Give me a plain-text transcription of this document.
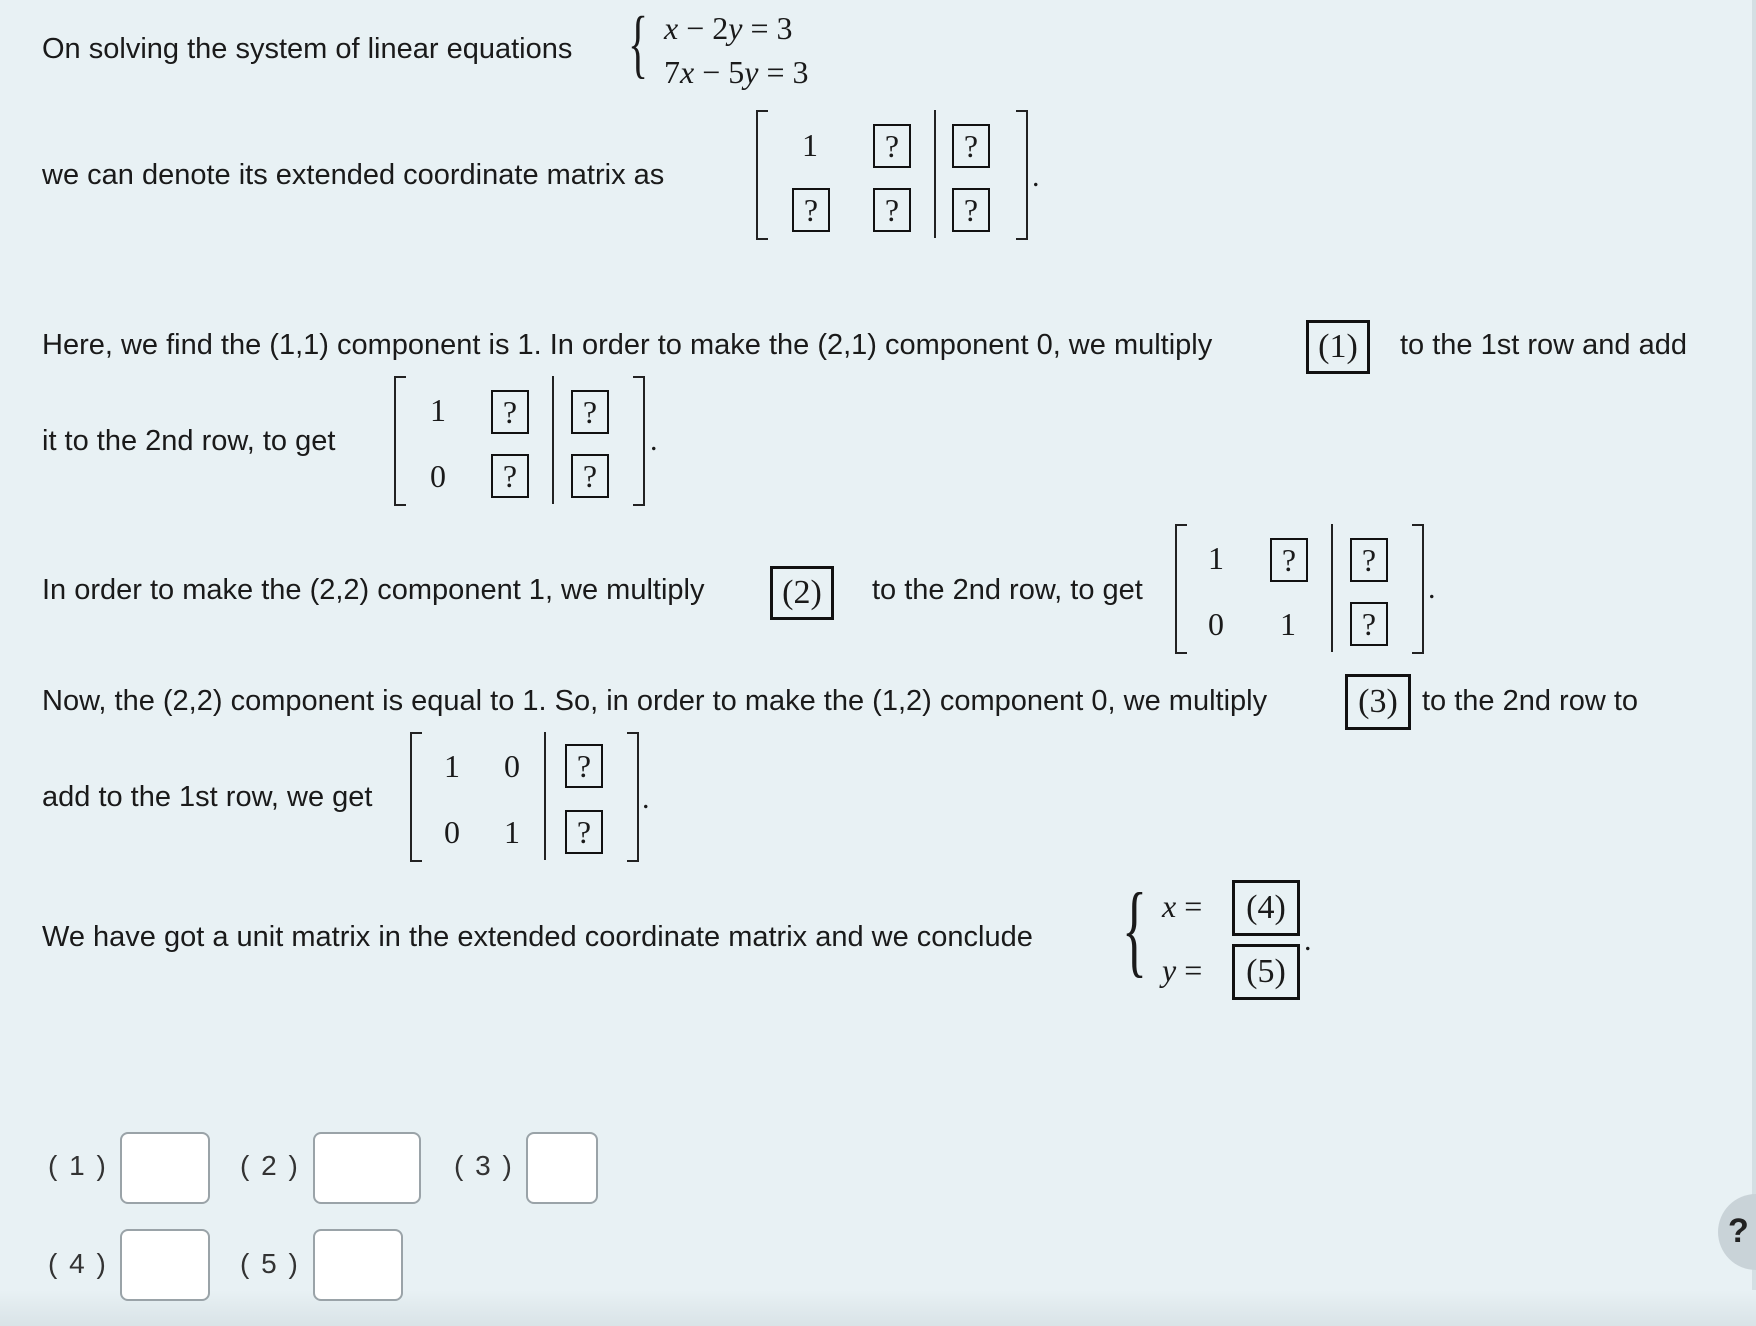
On solving the system of linear equations { x − 2y = 3
7x − 5y = 3
we can denote its extended coordinate matrix as
1	?	?
?	?	?
.
Here, we find the (1,1) component is 1. In order to make the (2,1) component 0, we multiply	(1)	to the 1st row and add
it to the 2nd row, to get
1	?	?
0	?	?
.
In order to make the (2,2) component 1, we multiply	(2)	to the 2nd row, to get
1	?	?
0 1	?
.
Now, the (2,2) component is equal to 1. So, in order to make the (1,2) component 0, we multiply	(3) to the 2nd row to
add to the 1st row, we get
1 0	?
0 1	?
.
We have got a unit matrix in the extended coordinate matrix and we conclude { x =	(4)
y =	(5)
.
( 1 )	( 2 )	( 3 )
( 4 )	( 5 )
?
